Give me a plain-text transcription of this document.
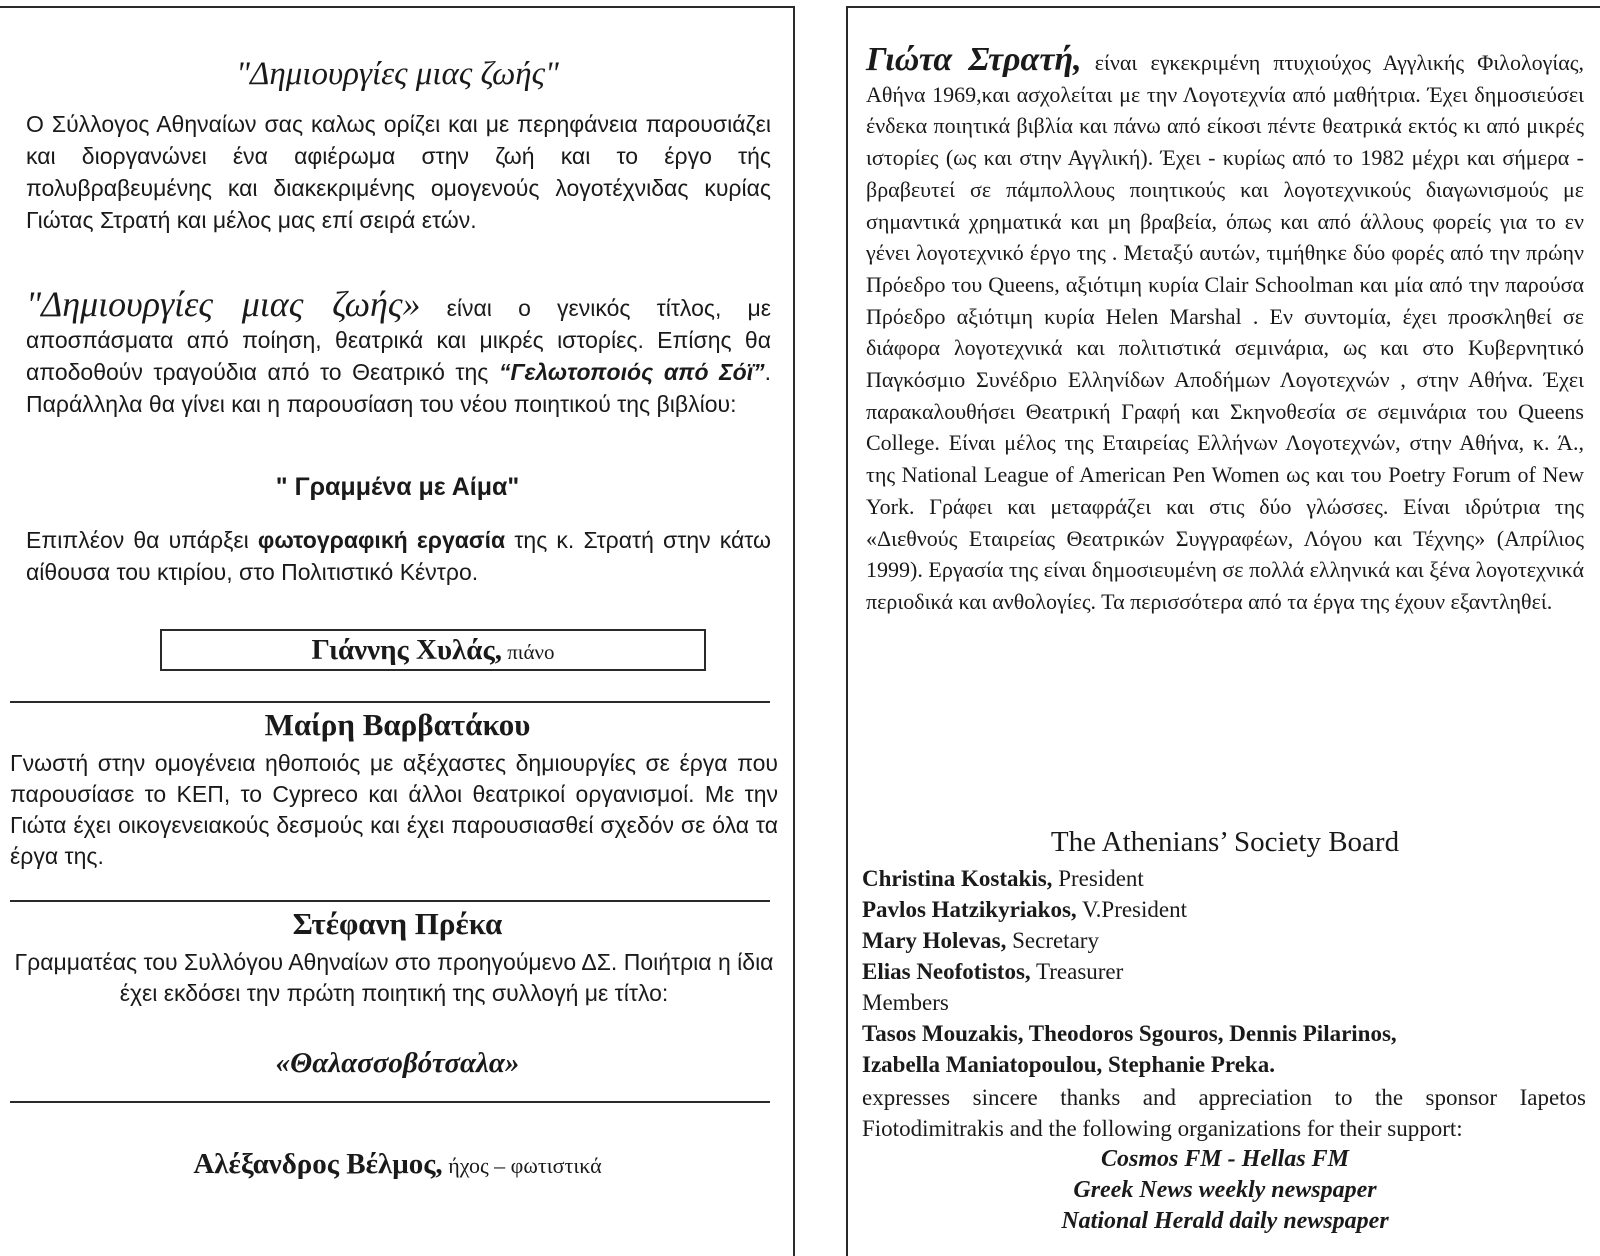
"Δημιουργίες μιας ζωής"
Ο Σύλλογος Αθηναίων σας καλως ορίζει και με περηφάνεια παρουσιάζει και διοργανώνει ένα αφιέρωμα στην ζωή και το έργο τής πολυβραβευμένης και διακεκριμένης ομογενούς λογοτέχνιδας κυρίας Γιώτας Στρατή και μέλος μας επί σειρά ετών.
"Δημιουργίες μιας ζωής» είναι ο γενικός τίτλος, με αποσπάσματα από ποίηση, θεατρικά και μικρές ιστορίες. Επίσης θα αποδοθούν τραγούδια από το Θεατρικό της “Γελωτοποιός από Σόϊ”. Παράλληλα θα γίνει και η παρουσίαση του νέου ποιητικού της βιβλίου:
" Γραμμένα με Αίμα"
Επιπλέον θα υπάρξει φωτογραφική εργασία της κ. Στρατή στην κάτω αίθουσα του κτιρίου, στο Πολιτιστικό Κέντρο.
Γιάννης Χυλάς, πιάνο
Μαίρη Βαρβατάκου
Γνωστή στην ομογένεια ηθοποιός με αξέχαστες δημιουργίες σε έργα που παρουσίασε το ΚΕΠ, το Cypreco και άλλοι θεατρικοί οργανισμοί. Με την Γιώτα έχει οικογενειακούς δεσμούς και έχει παρουσιασθεί σχεδόν σε όλα τα έργα της.
Στέφανη Πρέκα
Γραμματέας του Συλλόγου Αθηναίων στο προηγούμενο ΔΣ. Ποιήτρια η ίδια έχει εκδόσει την πρώτη ποιητική της συλλογή με τίτλο:
«Θαλασσοβότσαλα»
Αλέξανδρος Βέλμος, ήχος – φωτιστικά
Γιώτα Στρατή, είναι εγκεκριμένη πτυχιούχος Αγγλικής Φιλολογίας, Αθήνα 1969,και ασχολείται με την Λογοτεχνία από μαθήτρια. Έχει δημοσιεύσει ένδεκα ποιητικά βιβλία και πάνω από είκοσι πέντε θεατρικά εκτός κι από μικρές ιστορίες (ως και στην Αγγλική). Έχει - κυρίως από το 1982 μέχρι και σήμερα - βραβευτεί σε πάμπολλους ποιητικούς και λογοτεχνικούς διαγωνισμούς με σημαντικά χρηματικά και μη βραβεία, όπως και από άλλους φορείς για το εν γένει λογοτεχνικό έργο της . Μεταξύ αυτών, τιμήθηκε δύο φορές από την πρώην Πρόεδρο του Queens, αξιότιμη κυρία Clair Schoolman και μία από την παρούσα Πρόεδρο αξιότιμη κυρία Helen Marshal . Εν συντομία, έχει προσκληθεί σε διάφορα λογοτεχνικά και πολιτιστικά σεμινάρια, ως και στο Κυβερνητικό Παγκόσμιο Συνέδριο Ελληνίδων Αποδήμων Λογοτεχνών , στην Αθήνα. Έχει παρακαλουθήσει Θεατρική Γραφή και Σκηνοθεσία σε σεμινάρια του Queens College. Είναι μέλος της Εταιρείας Ελλήνων Λογοτεχνών, στην Αθήνα, κ. Ά., της National League of American Pen Women ως και του Poetry Forum of New York. Γράφει και μεταφράζει και στις δύο γλώσσες. Είναι ιδρύτρια της «Διεθνούς Εταιρείας Θεατρικών Συγγραφέων, Λόγου και Τέχνης» (Απρίλιος 1999). Εργασία της είναι δημοσιευμένη σε πολλά ελληνικά και ξένα λογοτεχνικά περιοδικά και ανθολογίες. Τα περισσότερα από τα έργα της έχουν εξαντληθεί.
The Athenians’ Society Board
Christina Kostakis, President
Pavlos Hatzikyriakos, V.President
Mary Holevas, Secretary
Elias Neofotistos, Treasurer
Members
Tasos Mouzakis, Theodoros Sgouros, Dennis Pilarinos,
Izabella Maniatopoulou, Stephanie Preka.
expresses sincere thanks and appreciation to the sponsor Iapetos Fiotodimitrakis and the following organizations for their support:
Cosmos FM - Hellas FM
Greek News weekly newspaper
National Herald daily newspaper
